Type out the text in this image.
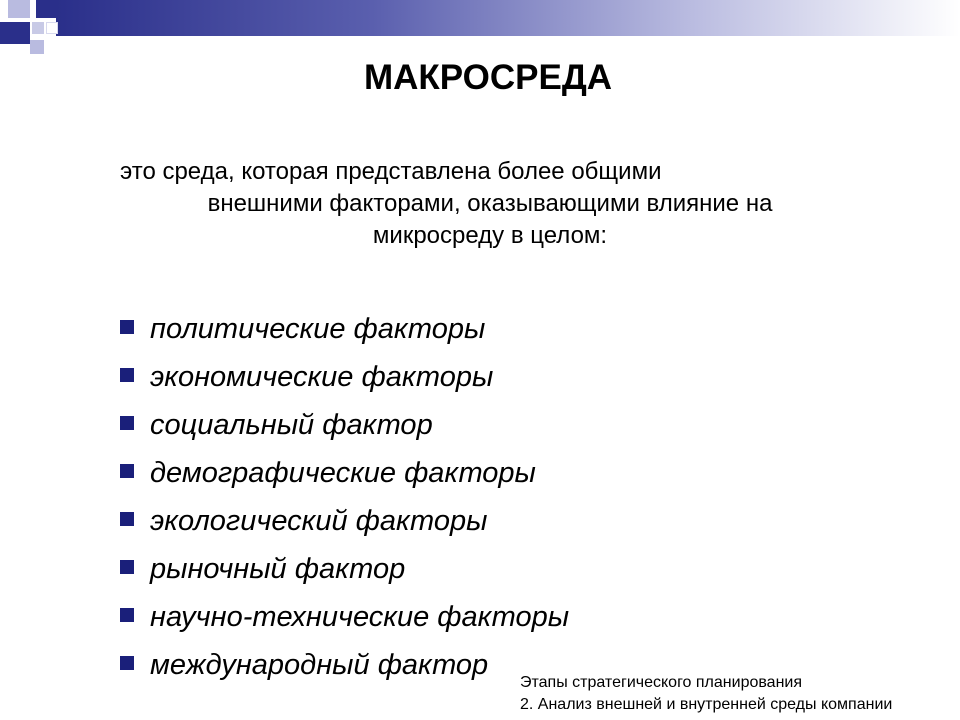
МАКРОСРЕДА
это среда, которая представлена более общими
внешними факторами, оказывающими влияние на
микросреду в целом:
политические факторы
экономические факторы
социальный фактор
демографические факторы
экологический факторы
рыночный фактор
научно-технические факторы
международный фактор
Этапы стратегического планирования
2. Анализ внешней и внутренней среды компании
